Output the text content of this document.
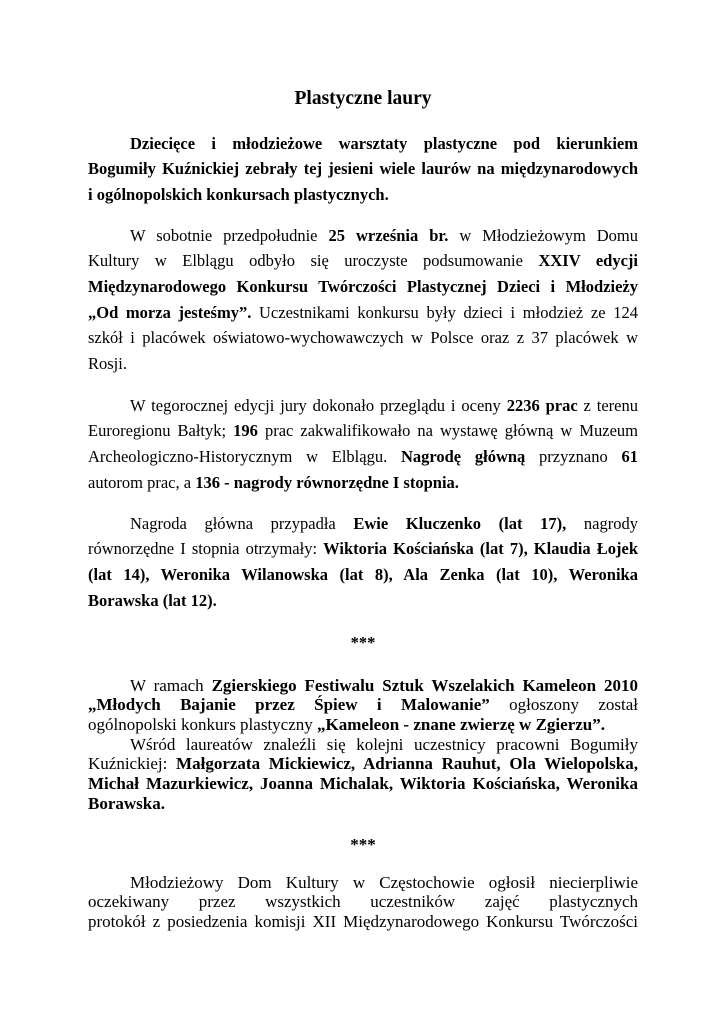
Plastyczne laury
Dziecięce i młodzieżowe warsztaty plastyczne pod kierunkiem
Bogumiły Kuźnickiej zebrały tej jesieni wiele laurów na międzynarodowych
i ogólnopolskich konkursach plastycznych.
W sobotnie przedpołudnie 25 września br. w Młodzieżowym Domu
Kultury w Elblągu odbyło się uroczyste podsumowanie XXIV edycji
Międzynarodowego Konkursu Twórczości Plastycznej Dzieci i Młodzieży
„Od morza jesteśmy”. Uczestnikami konkursu były dzieci i młodzież ze 124
szkół i placówek oświatowo-wychowawczych w Polsce oraz z 37 placówek w
Rosji.
W tegorocznej edycji jury dokonało przeglądu i oceny 2236 prac z terenu
Euroregionu Bałtyk; 196 prac zakwalifikowało na wystawę główną w Muzeum
Archeologiczno-Historycznym w Elblągu. Nagrodę główną przyznano 61
autorom prac, a 136 - nagrody równorzędne I stopnia.
Nagroda główna przypadła Ewie Kluczenko (lat 17), nagrody
równorzędne I stopnia otrzymały: Wiktoria Kościańska (lat 7), Klaudia Łojek
(lat 14), Weronika Wilanowska (lat 8), Ala Zenka (lat 10), Weronika
Borawska (lat 12).
***
W ramach Zgierskiego Festiwalu Sztuk Wszelakich Kameleon 2010
„Młodych Bajanie przez Śpiew i Malowanie” ogłoszony został
ogólnopolski konkurs plastyczny „Kameleon - znane zwierzę w Zgierzu”.
Wśród laureatów znaleźli się kolejni uczestnicy pracowni Bogumiły
Kuźnickiej: Małgorzata Mickiewicz, Adrianna Rauhut, Ola Wielopolska,
Michał Mazurkiewicz, Joanna Michalak, Wiktoria Kościańska, Weronika
Borawska.
***
Młodzieżowy Dom Kultury w Częstochowie ogłosił niecierpliwie
oczekiwany przez wszystkich uczestników zajęć plastycznych
protokół z posiedzenia komisji XII Międzynarodowego Konkursu Twórczości
